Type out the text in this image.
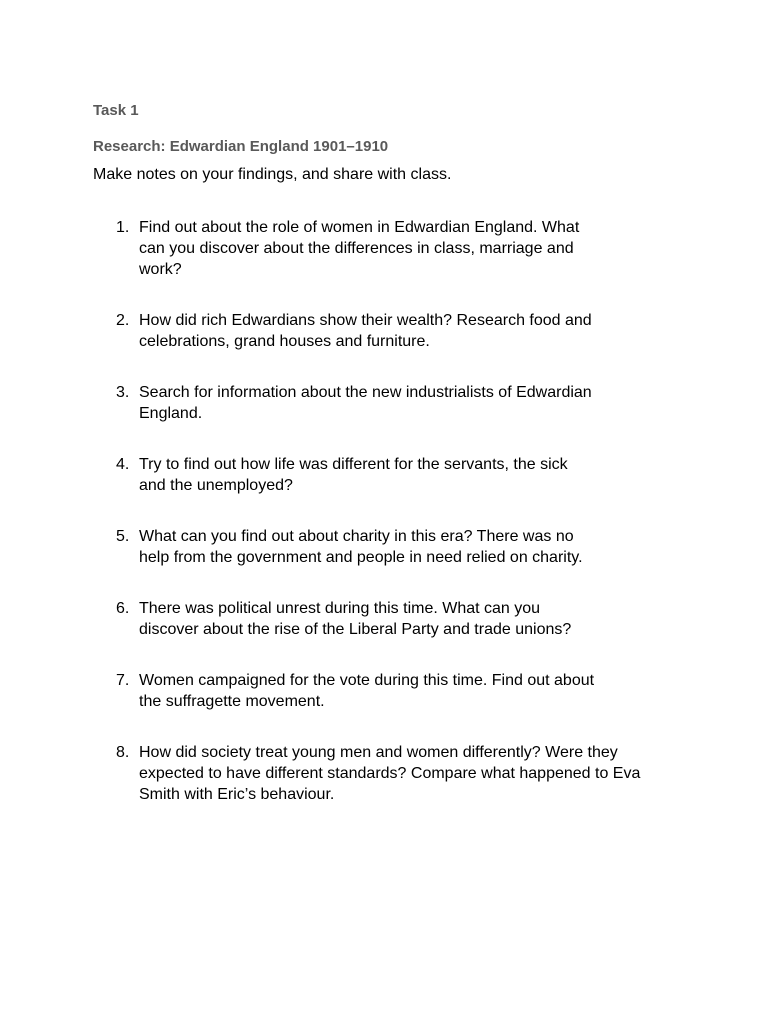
Task 1

Research: Edwardian England 1901–1910

Make notes on your findings, and share with class.

1. Find out about the role of women in Edwardian England. What
can you discover about the differences in class, marriage and
work?
2. How did rich Edwardians show their wealth? Research food and
celebrations, grand houses and furniture.
3. Search for information about the new industrialists of Edwardian
England.
4. Try to find out how life was different for the servants, the sick
and the unemployed?
5. What can you find out about charity in this era? There was no
help from the government and people in need relied on charity.
6. There was political unrest during this time. What can you
discover about the rise of the Liberal Party and trade unions?
7. Women campaigned for the vote during this time. Find out about
the suffragette movement.
8. How did society treat young men and women differently? Were they
expected to have different standards? Compare what happened to Eva
Smith with Eric’s behaviour.
